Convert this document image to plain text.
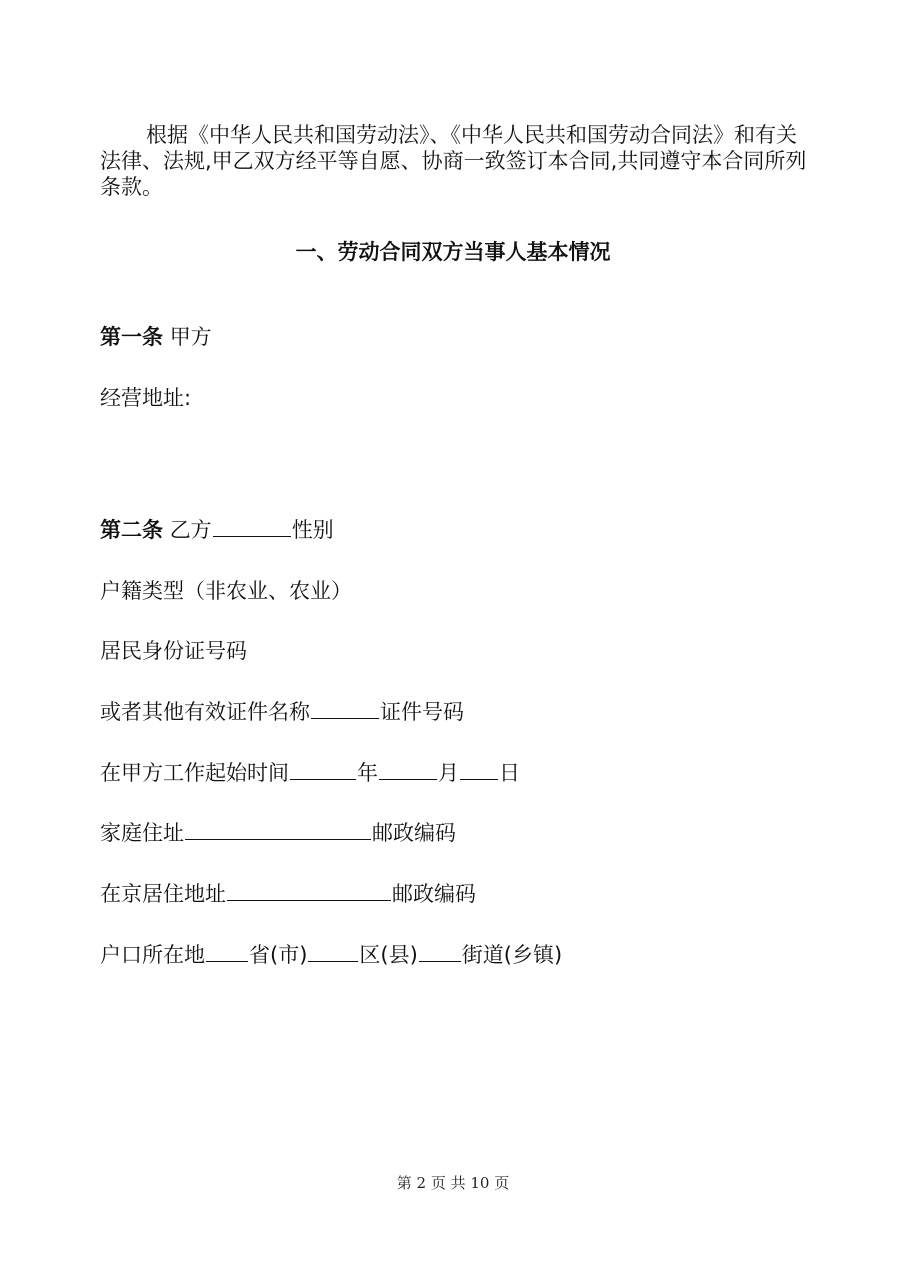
根据《中华人民共和国劳动法》、《中华人民共和国劳动合同法》和有关法律、法规,甲乙双方经平等自愿、协商一致签订本合同,共同遵守本合同所列条款。

一、劳动合同双方当事人基本情况
第一条 甲方
经营地址:
第二条 乙方	性别
户籍类型（非农业、农业）
居民身份证号码
或者其他有效证件名称	证件号码
在甲方工作起始时间	年	月 日
家庭住址	邮政编码
在京居住地址	邮政编码
户口所在地 省(市) 区(县) 街道(乡镇)
第 2 页 共 10 页
